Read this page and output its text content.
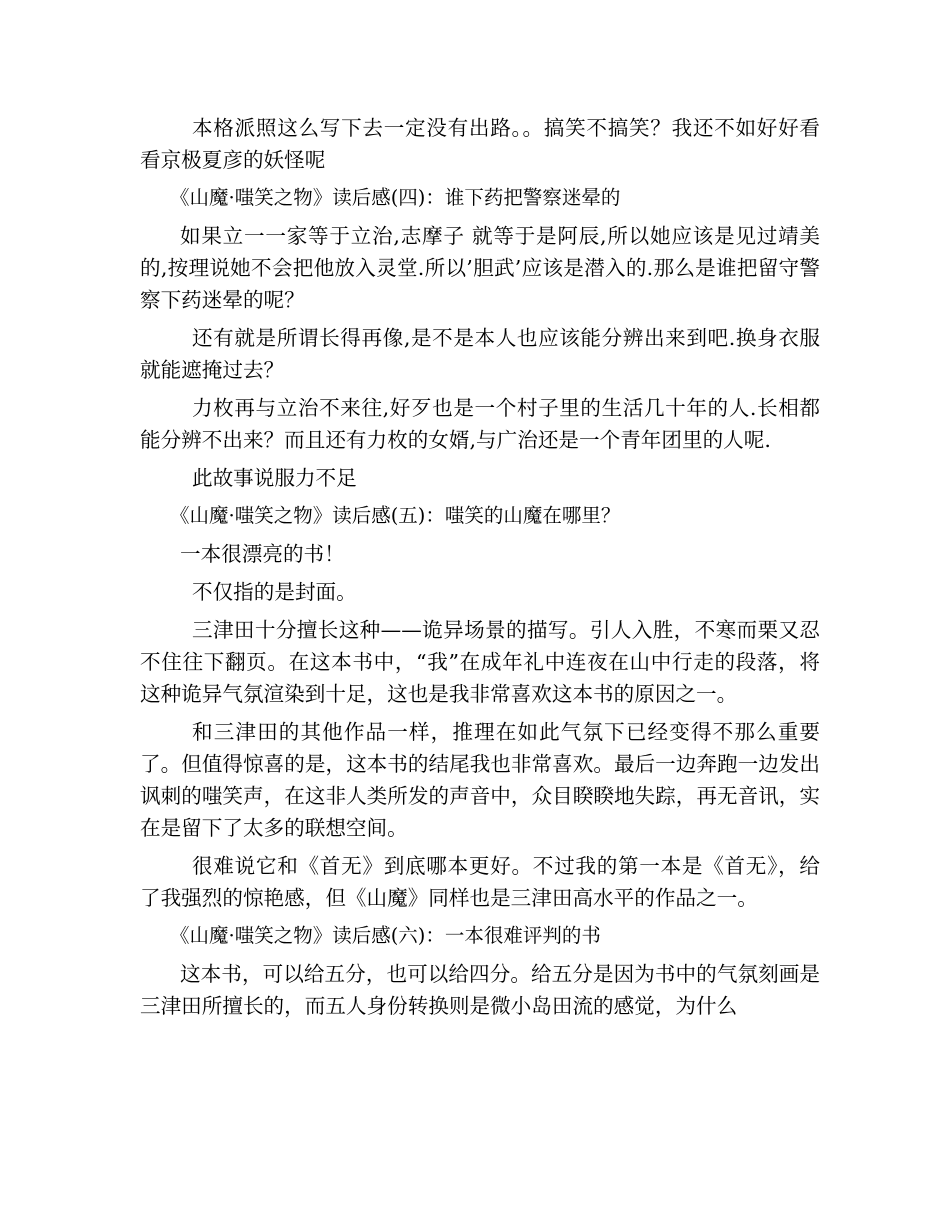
本格派照这么写下去一定没有出路。。搞笑不搞笑？我还不如好好看看京极夏彦的妖怪呢

《山魔·嗤笑之物》读后感(四)：谁下药把警察迷晕的

如果立一一家等于立治,志摩子 就等于是阿辰,所以她应该是见过靖美的,按理说她不会把他放入灵堂.所以’胆武’应该是潜入的.那么是谁把留守警察下药迷晕的呢？

还有就是所谓长得再像,是不是本人也应该能分辨出来到吧.换身衣服就能遮掩过去？

力枚再与立治不来往,好歹也是一个村子里的生活几十年的人.长相都能分辨不出来？而且还有力枚的女婿,与广治还是一个青年团里的人呢.

此故事说服力不足

《山魔·嗤笑之物》读后感(五)：嗤笑的山魔在哪里？

一本很漂亮的书！

不仅指的是封面。

三津田十分擅长这种——诡异场景的描写。引人入胜，不寒而栗又忍不住往下翻页。在这本书中，“我”在成年礼中连夜在山中行走的段落，将这种诡异气氛渲染到十足，这也是我非常喜欢这本书的原因之一。

和三津田的其他作品一样，推理在如此气氛下已经变得不那么重要了。但值得惊喜的是，这本书的结尾我也非常喜欢。最后一边奔跑一边发出讽刺的嗤笑声，在这非人类所发的声音中，众目睽睽地失踪，再无音讯，实在是留下了太多的联想空间。

很难说它和《首无》到底哪本更好。不过我的第一本是《首无》，给了我强烈的惊艳感，但《山魔》同样也是三津田高水平的作品之一。

《山魔·嗤笑之物》读后感(六)：一本很难评判的书

这本书，可以给五分，也可以给四分。给五分是因为书中的气氛刻画是三津田所擅长的，而五人身份转换则是微小岛田流的感觉，为什么
